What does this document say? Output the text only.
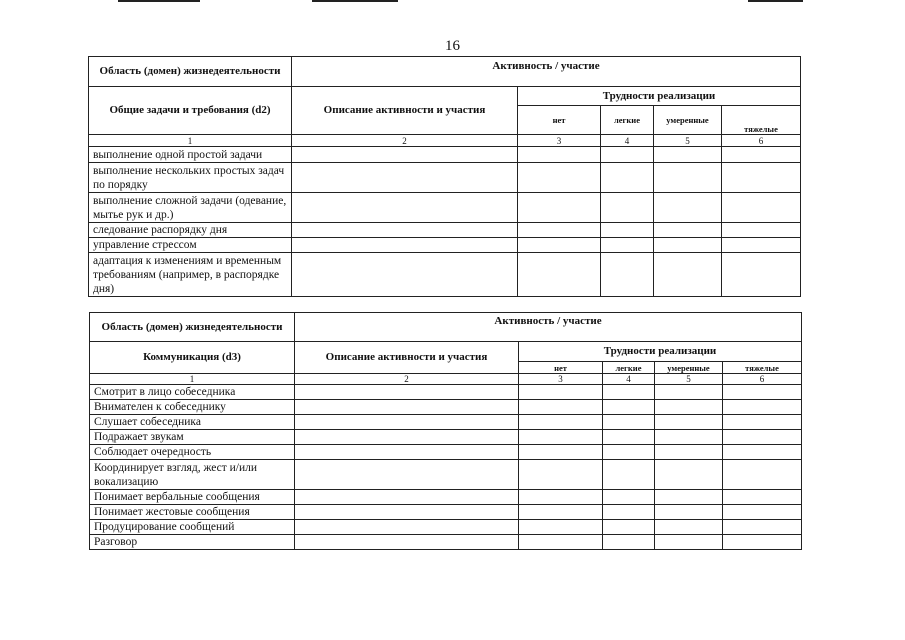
16
Область (домен) жизнедеятельности	Активность / участие				
Общие задачи и требования (d2)	Описание активности и участия	Трудности реализации			
		нет	легкие	умеренные	тяжелые
1	2	3	4	5	6
выполнение одной простой задачи					
выполнение нескольких простых задач по порядку					
выполнение сложной задачи (одевание, мытье рук и др.)					
следование распорядку дня					
управление стрессом					
адаптация к изменениям и временным требованиям (например, в распорядке дня)					
Область (домен) жизнедеятельности	Активность / участие				
Коммуникация (d3)	Описание активности и участия	Трудности реализации			
		нет	легкие	умеренные	тяжелые
1	2	3	4	5	6
Смотрит в лицо собеседника					
Внимателен к собеседнику					
Слушает собеседника					
Подражает звукам					
Соблюдает очередность					
Координирует взгляд, жест и/или вокализацию					
Понимает вербальные сообщения					
Понимает жестовые сообщения					
Продуцирование сообщений					
Разговор					
